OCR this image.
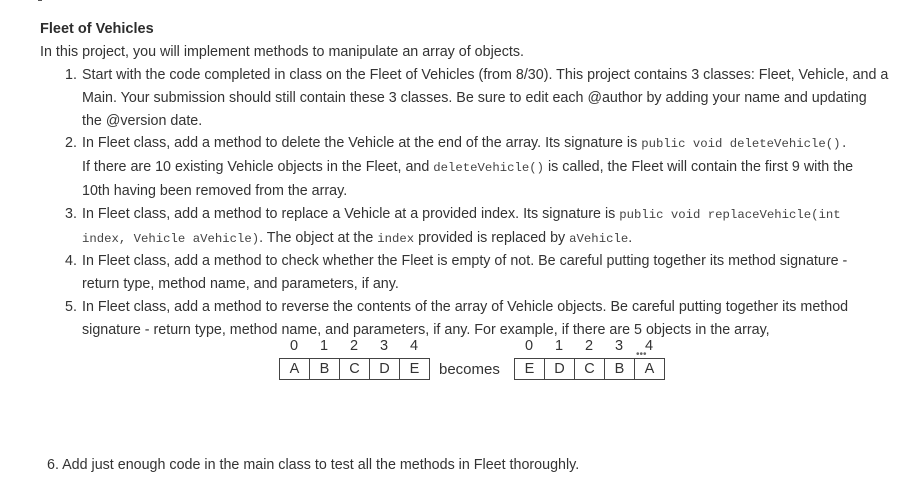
Fleet of Vehicles
In this project, you will implement methods to manipulate an array of objects.
1. Start with the code completed in class on the Fleet of Vehicles (from 8/30). This project contains 3 classes: Fleet, Vehicle, and a
Main. Your submission should still contain these 3 classes. Be sure to edit each @author by adding your name and updating
the @version date.
2. In Fleet class, add a method to delete the Vehicle at the end of the array. Its signature is public void deleteVehicle().
If there are 10 existing Vehicle objects in the Fleet, and deleteVehicle() is called, the Fleet will contain the first 9 with the
10th having been removed from the array.
3. In Fleet class, add a method to replace a Vehicle at a provided index. Its signature is public void replaceVehicle(int
index, Vehicle aVehicle). The object at the index provided is replaced by aVehicle.
4. In Fleet class, add a method to check whether the Fleet is empty of not. Be careful putting together its method signature -
return type, method name, and parameters, if any.
5. In Fleet class, add a method to reverse the contents of the array of Vehicle objects. Be careful putting together its method
signature - return type, method name, and parameters, if any. For example, if there are 5 objects in the array,
0	1	2	3	4
A	B	C	D	E becomes
0	1	2	3	4
E	D	C	B	A
•••
6. Add just enough code in the main class to test all the methods in Fleet thoroughly.
